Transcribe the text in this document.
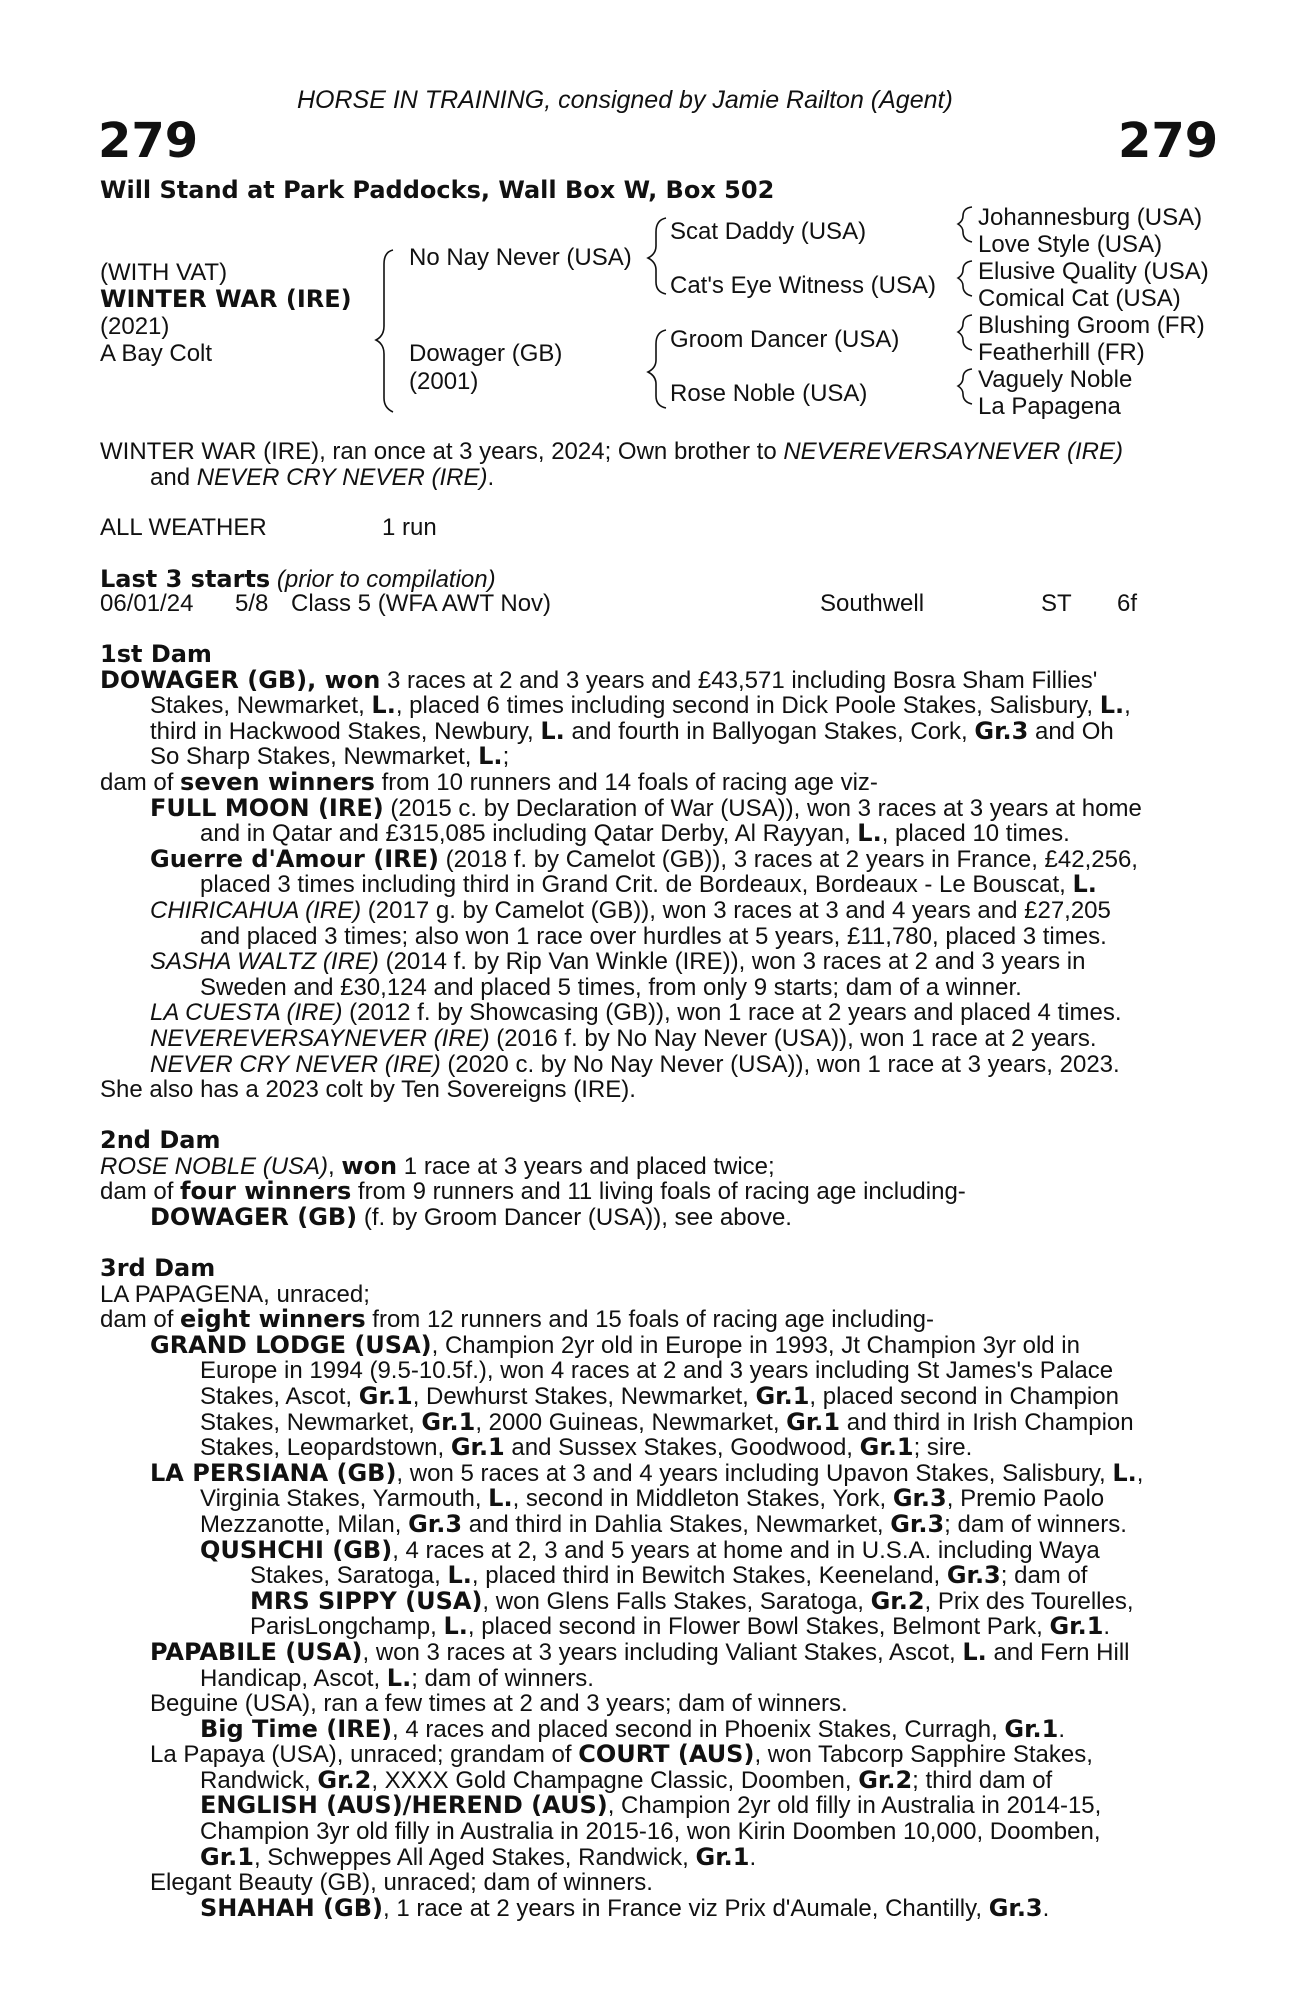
HORSE IN TRAINING, consigned by Jamie Railton (Agent)
279	279
Will Stand at Park Paddocks, Wall Box W, Box 502
(WITH VAT)
WINTER WAR (IRE)
(2021)
A Bay Colt
No Nay Never (USA)
Dowager (GB)
(2001)
Scat Daddy (USA)
Cat's Eye Witness (USA)
Groom Dancer (USA)
Rose Noble (USA)
Johannesburg (USA)
Love Style (USA)
Elusive Quality (USA)
Comical Cat (USA)
Blushing Groom (FR)
Featherhill (FR)
Vaguely Noble
La Papagena
WINTER WAR (IRE), ran once at 3 years, 2024; Own brother to NEVEREVERSAYNEVER (IRE)
and NEVER CRY NEVER (IRE).
ALL WEATHER	1 run
Last 3 starts (prior to compilation)
06/01/24 5/8 Class 5 (WFA AWT Nov)	Southwell	ST 6f
1st Dam
DOWAGER (GB), won 3 races at 2 and 3 years and £43,571 including Bosra Sham Fillies'
Stakes, Newmarket, L., placed 6 times including second in Dick Poole Stakes, Salisbury, L.,
third in Hackwood Stakes, Newbury, L. and fourth in Ballyogan Stakes, Cork, Gr.3 and Oh
So Sharp Stakes, Newmarket, L.;
dam of seven winners from 10 runners and 14 foals of racing age viz-
FULL MOON (IRE) (2015 c. by Declaration of War (USA)), won 3 races at 3 years at home
and in Qatar and £315,085 including Qatar Derby, Al Rayyan, L., placed 10 times.
Guerre d'Amour (IRE) (2018 f. by Camelot (GB)), 3 races at 2 years in France, £42,256,
placed 3 times including third in Grand Crit. de Bordeaux, Bordeaux - Le Bouscat, L.
CHIRICAHUA (IRE) (2017 g. by Camelot (GB)), won 3 races at 3 and 4 years and £27,205
and placed 3 times; also won 1 race over hurdles at 5 years, £11,780, placed 3 times.
SASHA WALTZ (IRE) (2014 f. by Rip Van Winkle (IRE)), won 3 races at 2 and 3 years in
Sweden and £30,124 and placed 5 times, from only 9 starts; dam of a winner.
LA CUESTA (IRE) (2012 f. by Showcasing (GB)), won 1 race at 2 years and placed 4 times.
NEVEREVERSAYNEVER (IRE) (2016 f. by No Nay Never (USA)), won 1 race at 2 years.
NEVER CRY NEVER (IRE) (2020 c. by No Nay Never (USA)), won 1 race at 3 years, 2023.
She also has a 2023 colt by Ten Sovereigns (IRE).
2nd Dam
ROSE NOBLE (USA), won 1 race at 3 years and placed twice;
dam of four winners from 9 runners and 11 living foals of racing age including-
DOWAGER (GB) (f. by Groom Dancer (USA)), see above.
3rd Dam
LA PAPAGENA, unraced;
dam of eight winners from 12 runners and 15 foals of racing age including-
GRAND LODGE (USA), Champion 2yr old in Europe in 1993, Jt Champion 3yr old in
Europe in 1994 (9.5-10.5f.), won 4 races at 2 and 3 years including St James's Palace
Stakes, Ascot, Gr.1, Dewhurst Stakes, Newmarket, Gr.1, placed second in Champion
Stakes, Newmarket, Gr.1, 2000 Guineas, Newmarket, Gr.1 and third in Irish Champion
Stakes, Leopardstown, Gr.1 and Sussex Stakes, Goodwood, Gr.1; sire.
LA PERSIANA (GB), won 5 races at 3 and 4 years including Upavon Stakes, Salisbury, L.,
Virginia Stakes, Yarmouth, L., second in Middleton Stakes, York, Gr.3, Premio Paolo
Mezzanotte, Milan, Gr.3 and third in Dahlia Stakes, Newmarket, Gr.3; dam of winners.
QUSHCHI (GB), 4 races at 2, 3 and 5 years at home and in U.S.A. including Waya
Stakes, Saratoga, L., placed third in Bewitch Stakes, Keeneland, Gr.3; dam of
MRS SIPPY (USA), won Glens Falls Stakes, Saratoga, Gr.2, Prix des Tourelles,
ParisLongchamp, L., placed second in Flower Bowl Stakes, Belmont Park, Gr.1.
PAPABILE (USA), won 3 races at 3 years including Valiant Stakes, Ascot, L. and Fern Hill
Handicap, Ascot, L.; dam of winners.
Beguine (USA), ran a few times at 2 and 3 years; dam of winners.
Big Time (IRE), 4 races and placed second in Phoenix Stakes, Curragh, Gr.1.
La Papaya (USA), unraced; grandam of COURT (AUS), won Tabcorp Sapphire Stakes,
Randwick, Gr.2, XXXX Gold Champagne Classic, Doomben, Gr.2; third dam of
ENGLISH (AUS)/HEREND (AUS), Champion 2yr old filly in Australia in 2014-15,
Champion 3yr old filly in Australia in 2015-16, won Kirin Doomben 10,000, Doomben,
Gr.1, Schweppes All Aged Stakes, Randwick, Gr.1.
Elegant Beauty (GB), unraced; dam of winners.
SHAHAH (GB), 1 race at 2 years in France viz Prix d'Aumale, Chantilly, Gr.3.
